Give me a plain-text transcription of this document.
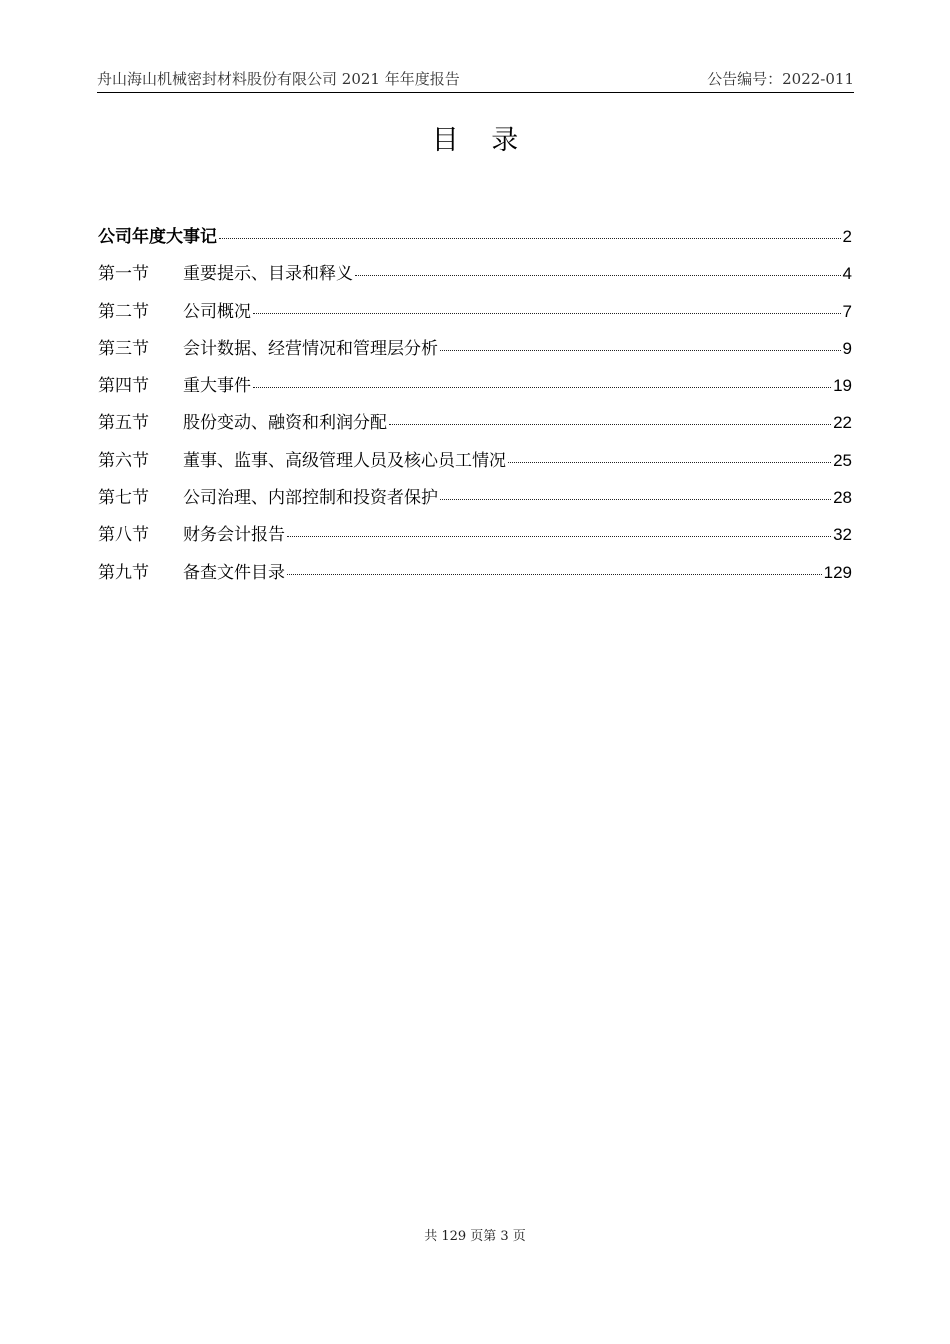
舟山海山机械密封材料股份有限公司 2021 年年度报告	公告编号：2022-011
目 录
公司年度大事记	2
第一节	重要提示、目录和释义	4
第二节	公司概况	7
第三节	会计数据、经营情况和管理层分析	9
第四节	重大事件	19
第五节	股份变动、融资和利润分配	22
第六节	董事、监事、高级管理人员及核心员工情况	25
第七节	公司治理、内部控制和投资者保护	28
第八节	财务会计报告	32
第九节	备查文件目录	129
共 129 页第 3 页
